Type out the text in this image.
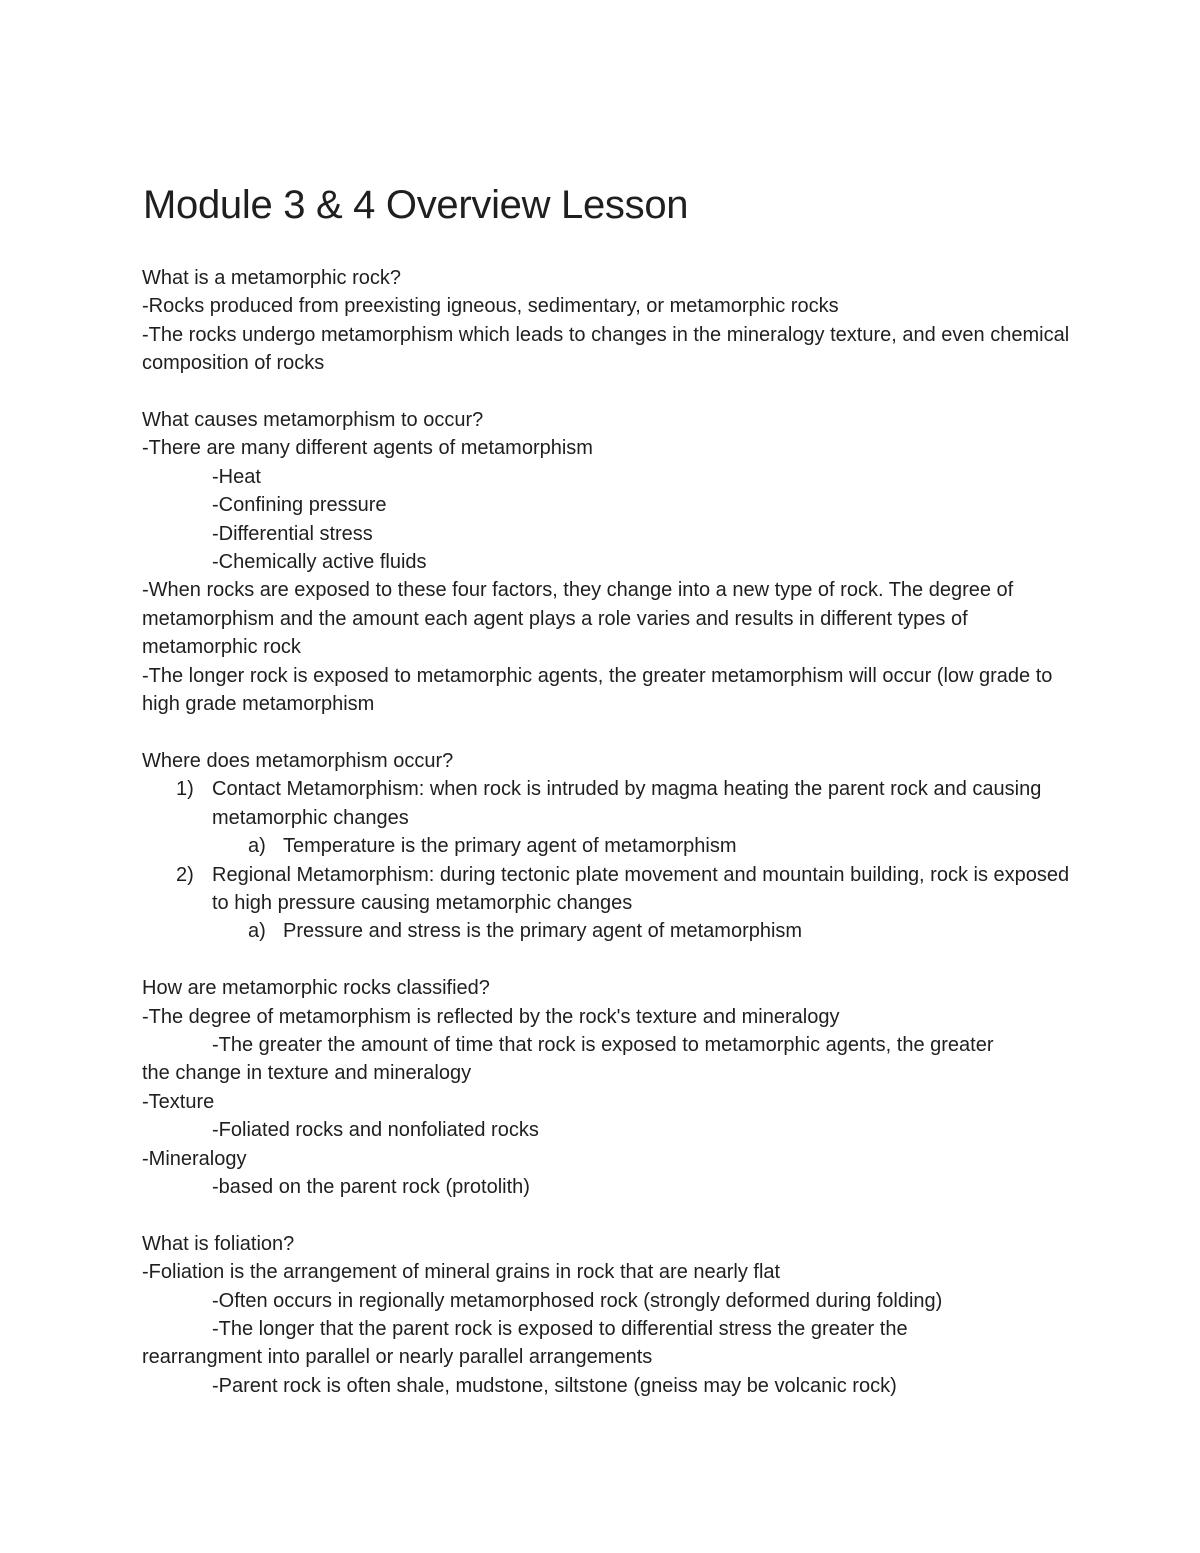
Module 3 & 4 Overview Lesson

What is a metamorphic rock?

-Rocks produced from preexisting igneous, sedimentary, or metamorphic rocks

-The rocks undergo metamorphism which leads to changes in the mineralogy texture, and even chemical composition of rocks

What causes metamorphism to occur?

-There are many different agents of metamorphism

-Heat

-Confining pressure

-Differential stress

-Chemically active fluids

-When rocks are exposed to these four factors, they change into a new type of rock. The degree of metamorphism and the amount each agent plays a role varies and results in different types of metamorphic rock

-The longer rock is exposed to metamorphic agents, the greater metamorphism will occur (low grade to high grade metamorphism

Where does metamorphism occur?

1) Contact Metamorphism: when rock is intruded by magma heating the parent rock and causing metamorphic changes
a) Temperature is the primary agent of metamorphism
2) Regional Metamorphism: during tectonic plate movement and mountain building, rock is exposed to high pressure causing metamorphic changes
a) Pressure and stress is the primary agent of metamorphism

How are metamorphic rocks classified?

-The degree of metamorphism is reflected by the rock's texture and mineralogy

-The greater the amount of time that rock is exposed to metamorphic agents, the greater

the change in texture and mineralogy

-Texture

-Foliated rocks and nonfoliated rocks

-Mineralogy

-based on the parent rock (protolith)

What is foliation?

-Foliation is the arrangement of mineral grains in rock that are nearly flat

-Often occurs in regionally metamorphosed rock (strongly deformed during folding)

-The longer that the parent rock is exposed to differential stress the greater the

rearrangment into parallel or nearly parallel arrangements

-Parent rock is often shale, mudstone, siltstone (gneiss may be volcanic rock)
